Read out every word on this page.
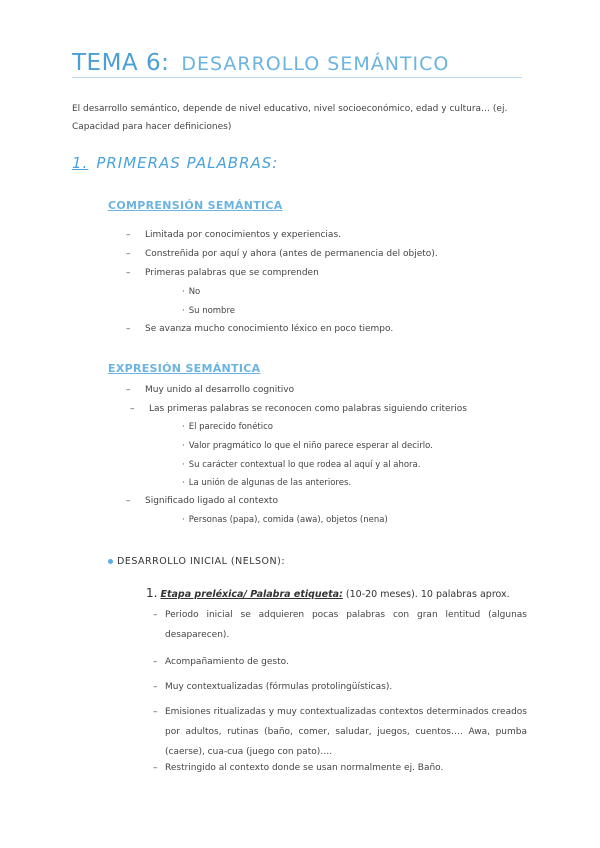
TEMA 6: DESARROLLO SEMÁNTICO
El desarrollo semántico, depende de nivel educativo, nivel socioeconómico, edad y cultura… (ej. Capacidad para hacer definiciones)
1. PRIMERAS PALABRAS:
COMPRENSIÓN SEMÁNTICA
– Limitada por conocimientos y experiencias.
– Constreñida por aquí y ahora (antes de permanencia del objeto).
– Primeras palabras que se comprenden
· No
· Su nombre
– Se avanza mucho conocimiento léxico en poco tiempo.
EXPRESIÓN SEMÁNTICA
– Muy unido al desarrollo cognitivo
– Las primeras palabras se reconocen como palabras siguiendo criterios
· El parecido fonético
· Valor pragmático lo que el niño parece esperar al decirlo.
· Su carácter contextual lo que rodea al aquí y al ahora.
· La unión de algunas de las anteriores.
– Significado ligado al contexto
· Personas (papa), comida (awa), objetos (nena)
DESARROLLO INICIAL (NELSON):
1. Etapa preléxica/ Palabra etiqueta: (10-20 meses). 10 palabras aprox.
– Periodo inicial se adquieren pocas palabras con gran lentitud (algunas desaparecen).
– Acompañamiento de gesto.
– Muy contextualizadas (fórmulas protolingüísticas).
– Emisiones ritualizadas y muy contextualizadas contextos determinados creados por adultos, rutinas (baño, comer, saludar, juegos, cuentos…. Awa, pumba (caerse), cua-cua (juego con pato)….
– Restringido al contexto donde se usan normalmente ej. Baño.
